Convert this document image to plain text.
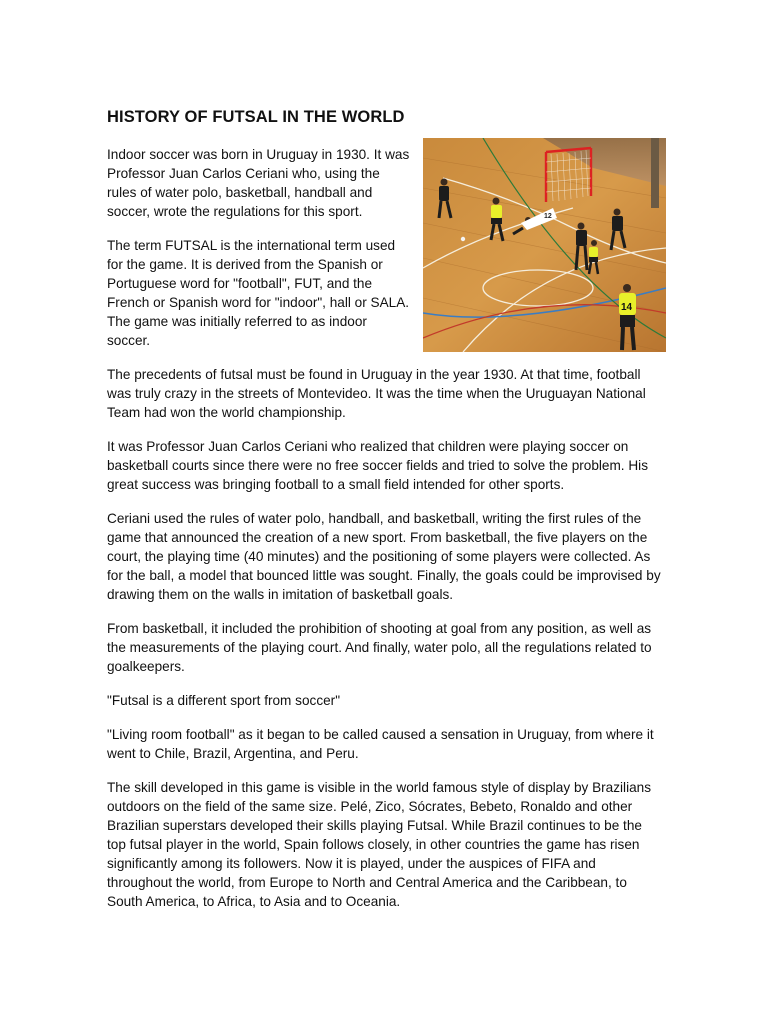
HISTORY OF FUTSAL IN THE WORLD
12
14

Indoor soccer was born in Uruguay in 1930. It was Professor Juan Carlos Ceriani who, using the rules of water polo, basketball, handball and soccer, wrote the regulations for this sport.

The term FUTSAL is the international term used for the game. It is derived from the Spanish or Portuguese word for "football", FUT, and the French or Spanish word for "indoor", hall or SALA. The game was initially referred to as indoor soccer.

The precedents of futsal must be found in Uruguay in the year 1930. At that time, football was truly crazy in the streets of Montevideo. It was the time when the Uruguayan National Team had won the world championship.

It was Professor Juan Carlos Ceriani who realized that children were playing soccer on basketball courts since there were no free soccer fields and tried to solve the problem. His great success was bringing football to a small field intended for other sports.

Ceriani used the rules of water polo, handball, and basketball, writing the first rules of the game that announced the creation of a new sport. From basketball, the five players on the court, the playing time (40 minutes) and the positioning of some players were collected. As for the ball, a model that bounced little was sought. Finally, the goals could be improvised by drawing them on the walls in imitation of basketball goals.

From basketball, it included the prohibition of shooting at goal from any position, as well as the measurements of the playing court. And finally, water polo, all the regulations related to goalkeepers.

"Futsal is a different sport from soccer"

"Living room football" as it began to be called caused a sensation in Uruguay, from where it went to Chile, Brazil, Argentina, and Peru.

The skill developed in this game is visible in the world famous style of display by Brazilians outdoors on the field of the same size. Pelé, Zico, Sócrates, Bebeto, Ronaldo and other Brazilian superstars developed their skills playing Futsal. While Brazil continues to be the top futsal player in the world, Spain follows closely, in other countries the game has risen significantly among its followers. Now it is played, under the auspices of FIFA and throughout the world, from Europe to North and Central America and the Caribbean, to South America, to Africa, to Asia and to Oceania.
